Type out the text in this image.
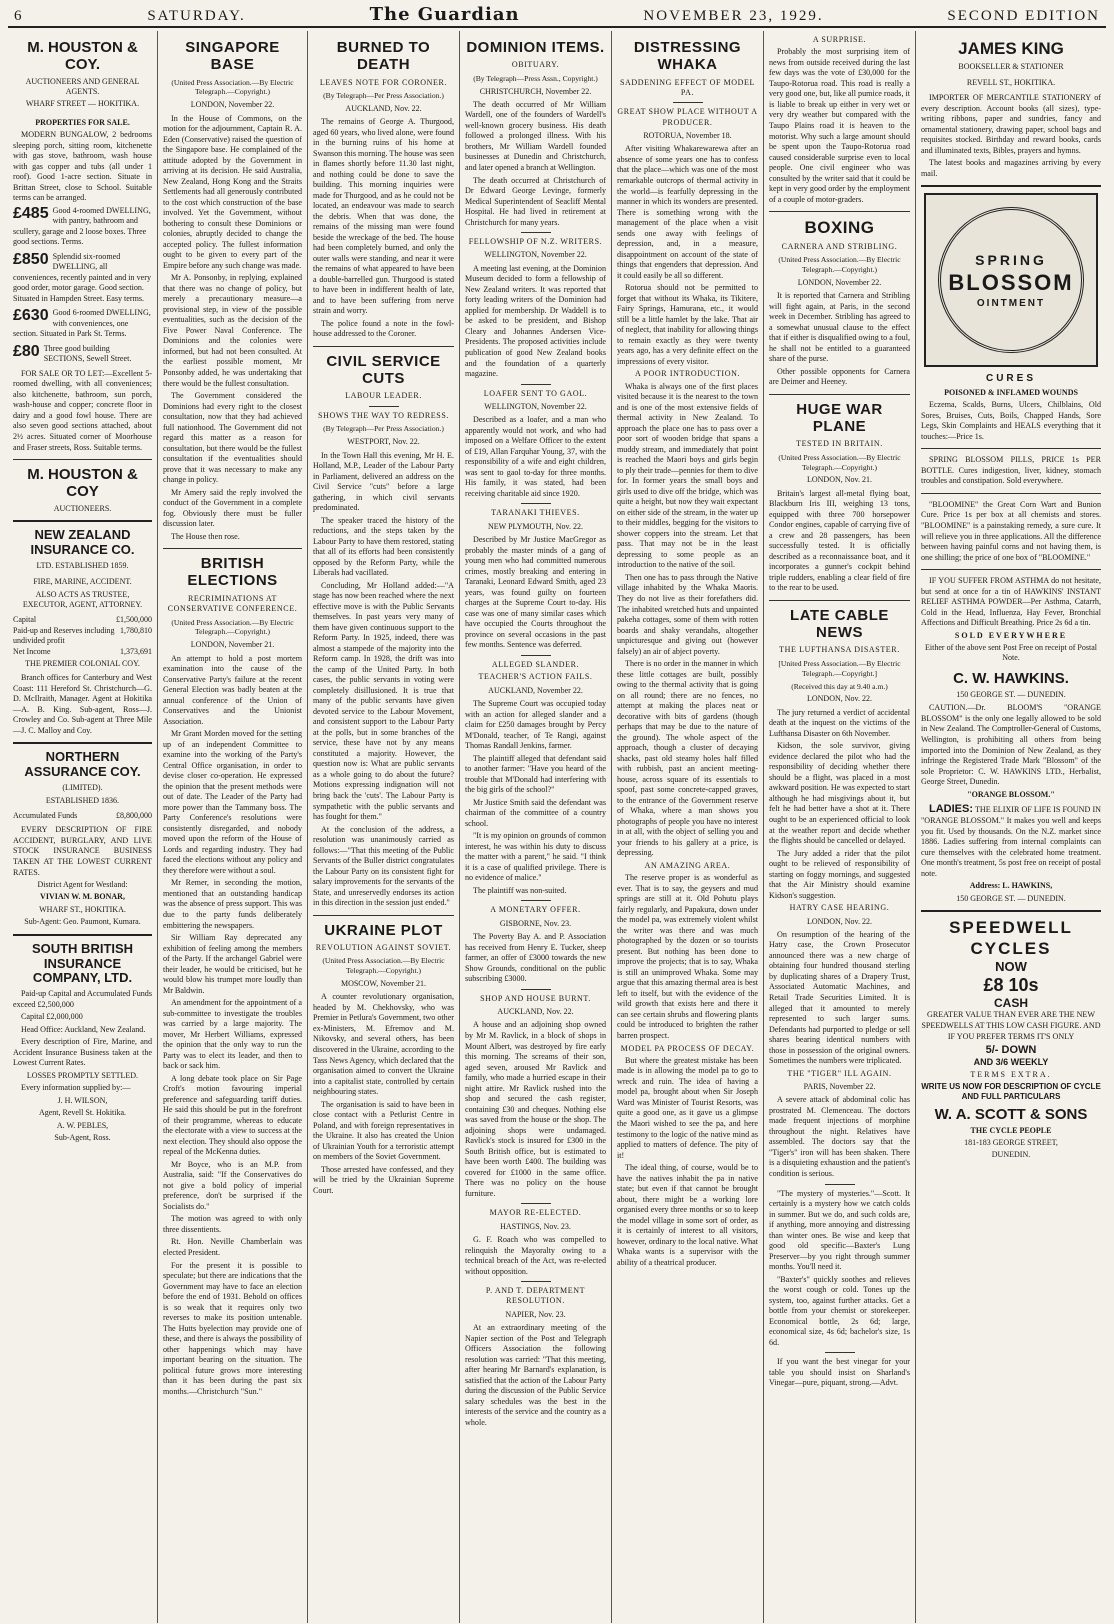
6	SATURDAY.	The Guardian	NOVEMBER 23, 1929.	SECOND EDITION
M. HOUSTON & COY.
AUCTIONEERS AND GENERAL AGENTS.
WHARF STREET — HOKITIKA.
PROPERTIES FOR SALE.

MODERN BUNGALOW, 2 bedrooms sleeping porch, sitting room, kitchenette with gas stove, bathroom, wash house with gas copper and tubs (all under 1 roof). Good 1-acre section. Situate in Brittan Street, close to School. Suitable terms can be arranged.

£485 Good 4-roomed DWELLING, with pantry, bathroom and scullery, garage and 2 loose boxes. Three good sections. Terms.
£850 Splendid six-roomed DWELLING, all conveniences, recently painted and in very good order, motor garage. Good section. Situated in Hampden Street. Easy terms.
£630 Good 6-roomed DWELLING, with conveniences, one section. Situated in Park St. Terms.
£80 Three good building SECTIONS, Sewell Street.

FOR SALE OR TO LET:—Excellent 5-roomed dwelling, with all conveniences; also kitchenette, bathroom, sun porch, wash-house and copper; concrete floor in dairy and a good fowl house. There are also seven good sections attached, about 2½ acres. Situated corner of Moorhouse and Fraser streets, Ross. Suitable terms.

M. HOUSTON & COY
AUCTIONEERS.
NEW ZEALAND INSURANCE CO.
LTD. ESTABLISHED 1859.
FIRE, MARINE, ACCIDENT.
ALSO ACTS AS TRUSTEE, EXECUTOR, AGENT, ATTORNEY.
Capital	£1,500,000
Paid-up and Reserves including undivided profit
1,780,810
Net Income	1,373,691
THE PREMIER COLONIAL COY.

Branch offices for Canterbury and West Coast: 111 Hereford St. Christchurch—G. D. McIlraith, Manager. Agent at Hokitika—A. B. King. Sub-agent, Ross—J. Crowley and Co. Sub-agent at Three Mile—J. C. Malloy and Coy.

NORTHERN ASSURANCE COY.
(LIMITED).
ESTABLISHED 1836.
Accumulated Funds	£8,800,000

EVERY DESCRIPTION OF FIRE ACCIDENT, BURGLARY, AND LIVE STOCK INSURANCE BUSINESS TAKEN AT THE LOWEST CURRENT RATES.

District Agent for Westland:
VIVIAN W. M. BONAR,
WHARF ST., HOKITIKA.
Sub-Agent: Geo. Paumont, Kumara.
SOUTH BRITISH INSURANCE COMPANY, LTD.

Paid-up Capital and Accumulated Funds exceed £2,500,000

Capital £2,000,000

Head Office: Auckland, New Zealand.

Every description of Fire, Marine, and Accident Insurance Business taken at the Lowest Current Rates.

LOSSES PROMPTLY SETTLED.

Every information supplied by:—

J. H. WILSON,
Agent, Revell St. Hokitika.
A. W. PEBLES,
Sub-Agent, Ross.
SINGAPORE BASE
(United Press Association.—By Electric Telegraph.—Copyright.)
LONDON, November 22.

In the House of Commons, on the motion for the adjournment, Captain R. A. Eden (Conservative) raised the question of the Singapore base. He complained of the attitude adopted by the Government in arriving at its decision. He said Australia, New Zealand, Hong Kong and the Straits Settlements had all generously contributed to the cost which construction of the base involved. Yet the Government, without bothering to consult these Dominions or colonies, abruptly decided to change the accepted policy. The fullest information ought to be given to every part of the Empire before any such change was made.

Mr A. Ponsonby, in replying, explained that there was no change of policy, but merely a precautionary measure—a provisional step, in view of the possible eventualities, such as the decision of the Five Power Naval Conference. The Dominions and the colonies were informed, but had not been consulted. At the earliest possible moment, Mr Ponsonby added, he was undertaking that there would be the fullest consultation.

The Government considered the Dominions had every right to the closest consultation, now that they had achieved full nationhood. The Government did not regard this matter as a reason for consultation, but there would be the fullest consultation if the eventualities should prove that it was necessary to make any change in policy.

Mr Amery said the reply involved the conduct of the Government in a complete fog. Obviously there must be fuller discussion later.

The House then rose.

BRITISH ELECTIONS
RECRIMINATIONS AT CONSERVATIVE CONFERENCE.
(United Press Association.—By Electric Telegraph.—Copyright.)
LONDON, November 21.

An attempt to hold a post mortem examination into the cause of the Conservative Party's failure at the recent General Election was badly beaten at the annual conference of the Union of Conservatives and the Unionist Association.

Mr Grant Morden moved for the setting up of an independent Committee to examine into the working of the Party's Central Office organisation, in order to devise closer co-operation. He expressed the opinion that the present methods were out of date. The Leader of the Party had more power than the Tammany boss. The Party Conference's resolutions were consistently disregarded, and nobody moved upon the reform of the House of Lords and regarding industry. They had faced the elections without any policy and they therefore were without a soul.

Mr Remer, in seconding the motion, mentioned that an outstanding handicap was the absence of press support. This was due to the party funds deliberately embittering the newspapers.

Sir William Ray deprecated any exhibition of feeling among the members of the Party. If the archangel Gabriel were their leader, he would be criticised, but he would blow his trumpet more loudly than Mr Baldwin.

An amendment for the appointment of a sub-committee to investigate the troubles was carried by a large majority. The mover, Mr Herbert Williams, expressed the opinion that the only way to run the Party was to elect its leader, and then to back or sack him.

A long debate took place on Sir Page Croft's motion favouring imperial preference and safeguarding tariff duties. He said this should be put in the forefront of their programme, whereas to educate the electorate with a view to success at the next election. They should also oppose the repeal of the McKenna duties.

Mr Boyce, who is an M.P. from Australia, said: "If the Conservatives do not give a bold policy of imperial preference, don't be surprised if the Socialists do."

The motion was agreed to with only three dissentients.

Rt. Hon. Neville Chamberlain was elected President.

For the present it is possible to speculate; but there are indications that the Government may have to face an election before the end of 1931. Behold on offices is so weak that it requires only two reverses to make its position untenable. The Hutts byelection may provide one of these, and there is always the possibility of other happenings which may have important bearing on the situation. The political future grows more interesting than it has been during the past six months.—Christchurch "Sun."

BURNED TO DEATH
LEAVES NOTE FOR CORONER.
(By Telegraph—Per Press Association.)
AUCKLAND, Nov. 22.

The remains of George A. Thurgood, aged 60 years, who lived alone, were found in the burning ruins of his home at Swanson this morning. The house was seen in flames shortly before 11.30 last night, and nothing could be done to save the building. This morning inquiries were made for Thurgood, and as he could not be located, an endeavour was made to search the debris. When that was done, the remains of the missing man were found beside the wreckage of the bed. The house had been completely burned, and only the outer walls were standing, and near it were the remains of what appeared to have been a double-barrelled gun. Thurgood is stated to have been in indifferent health of late, and to have been suffering from nerve strain and worry.

The police found a note in the fowl-house addressed to the Coroner.

CIVIL SERVICE CUTS
LABOUR LEADER.
SHOWS THE WAY TO REDRESS.
(By Telegraph—Per Press Association.)
WESTPORT, Nov. 22.

In the Town Hall this evening, Mr H. E. Holland, M.P., Leader of the Labour Party in Parliament, delivered an address on the Civil Service "cuts" before a large gathering, in which civil servants predominated.

The speaker traced the history of the reductions, and the steps taken by the Labour Party to have them restored, stating that all of its efforts had been consistently opposed by the Reform Party, while the Liberals had vacillated.

Concluding, Mr Holland added:—"A stage has now been reached where the next effective move is with the Public Servants themselves. In past years very many of them have given continuous support to the Reform Party. In 1925, indeed, there was almost a stampede of the majority into the Reform camp. In 1928, the drift was into the camp of the United Party. In both cases, the public servants in voting were completely disillusioned. It is true that many of the public servants have given devoted service to the Labour Movement, and consistent support to the Labour Party at the polls, but in some branches of the service, these have not by any means constituted a majority. However, the question now is: What are public servants as a whole going to do about the future? Motions expressing indignation will not bring back the 'cuts'. The Labour Party is sympathetic with the public servants and has fought for them."

At the conclusion of the address, a resolution was unanimously carried as follows:—"That this meeting of the Public Servants of the Buller district congratulates the Labour Party on its consistent fight for salary improvements for the servants of the State, and unreservedly endorses its action in this direction in the session just ended."

UKRAINE PLOT
REVOLUTION AGAINST SOVIET.
(United Press Association.—By Electric Telegraph.—Copyright.)
MOSCOW, November 21.

A counter revolutionary organisation, headed by M. Chekhovsky, who was Premier in Petlura's Government, two other ex-Ministers, M. Efremov and M. Nikovsky, and several others, has been discovered in the Ukraine, according to the Tass News Agency, which declared that the organisation aimed to convert the Ukraine into a capitalist state, controlled by certain neighbouring states.

The organisation is said to have been in close contact with a Petlurist Centre in Poland, and with foreign representatives in the Ukraine. It also has created the Union of Ukrainian Youth for a terroristic attempt on members of the Soviet Government.

Those arrested have confessed, and they will be tried by the Ukrainian Supreme Court.

DOMINION ITEMS.
OBITUARY.
(By Telegraph—Press Assn., Copyright.)
CHRISTCHURCH, November 22.

The death occurred of Mr William Wardell, one of the founders of Wardell's well-known grocery business. His death followed a prolonged illness. With his brothers, Mr William Wardell founded businesses at Dunedin and Christchurch, and later opened a branch at Wellington.

The death occurred at Christchurch of Dr Edward George Levinge, formerly Medical Superintendent of Seacliff Mental Hospital. He had lived in retirement at Christchurch for many years.

FELLOWSHIP OF N.Z. WRITERS.
WELLINGTON, November 22.

A meeting last evening, at the Dominion Museum decided to form a fellowship of New Zealand writers. It was reported that forty leading writers of the Dominion had applied for membership. Dr Waddell is to be asked to be president, and Bishop Cleary and Johannes Andersen Vice-Presidents. The proposed activities include publication of good New Zealand books and the foundation of a quarterly magazine.

LOAFER SENT TO GAOL.
WELLINGTON, November 22.

Described as a loafer, and a man who apparently would not work, and who had imposed on a Welfare Officer to the extent of £19, Allan Farquhar Young, 37, with the responsibility of a wife and eight children, was sent to gaol to-day for three months. His family, it was stated, had been receiving charitable aid since 1920.

TARANAKI THIEVES.
NEW PLYMOUTH, Nov. 22.

Described by Mr Justice MacGregor as probably the master minds of a gang of young men who had committed numerous crimes, mostly breaking and entering in Taranaki, Leonard Edward Smith, aged 23 years, was found guilty on fourteen charges at the Supreme Court to-day. His case was one of many similar cases which have occupied the Courts throughout the province on several occasions in the past few months. Sentence was deferred.

ALLEGED SLANDER.
TEACHER'S ACTION FAILS.
AUCKLAND, November 22.

The Supreme Court was occupied today with an action for alleged slander and a claim for £250 damages brought by Percy M'Donald, teacher, of Te Rangi, against Thomas Randall Jenkins, farmer.

The plaintiff alleged that defendant said to another farmer: "Have you heard of the trouble that M'Donald had interfering with the big girls of the school?"

Mr Justice Smith said the defendant was chairman of the committee of a country school.

"It is my opinion on grounds of common interest, he was within his duty to discuss the matter with a parent," he said. "I think it is a case of qualified privilege. There is no evidence of malice."

The plaintiff was non-suited.

A MONETARY OFFER.
GISBORNE, Nov. 23.

The Poverty Bay A. and P. Association has received from Henry E. Tucker, sheep farmer, an offer of £3000 towards the new Show Grounds, conditional on the public subscribing £3000.

SHOP AND HOUSE BURNT.
AUCKLAND, Nov. 22.

A house and an adjoining shop owned by Mr M. Ravlick, in a block of shops in Mount Albert, was destroyed by fire early this morning. The screams of their son, aged seven, aroused Mr Ravlick and family, who made a hurried escape in their night attire. Mr Ravlick rushed into the shop and secured the cash register, containing £30 and cheques. Nothing else was saved from the house or the shop. The adjoining shops were undamaged. Ravlick's stock is insured for £300 in the South British office, but is estimated to have been worth £400. The building was covered for £1000 in the same office. There was no policy on the house furniture.

MAYOR RE-ELECTED.
HASTINGS, Nov. 23.

G. F. Roach who was compelled to relinquish the Mayoralty owing to a technical breach of the Act, was re-elected without opposition.

P. AND T. DEPARTMENT RESOLUTION.
NAPIER, Nov. 23.

At an extraordinary meeting of the Napier section of the Post and Telegraph Officers Association the following resolution was carried: "That this meeting, after hearing Mr Barnard's explanation, is satisfied that the action of the Labour Party during the discussion of the Public Service salary schedules was the best in the interests of the service and the country as a whole.

DISTRESSING WHAKA
SADDENING EFFECT OF MODEL PA.
GREAT SHOW PLACE WITHOUT A PRODUCER.
ROTORUA, November 18.

After visiting Whakarewarewa after an absence of some years one has to confess that the place—which was one of the most remarkable outcrops of thermal activity in the world—is fearfully depressing in the manner in which its wonders are presented. There is something wrong with the management of the place when a visit sends one away with feelings of depression, and, in a measure, disappointment on account of the state of things that engenders that depression. And it could easily be all so different.

Rotorua should not be permitted to forget that without its Whaka, its Tikitere, Fairy Springs, Hamurana, etc., it would still be a little hamlet by the lake. That air of neglect, that inability for allowing things to remain exactly as they were twenty years ago, has a very definite effect on the impressions of every visitor.

A POOR INTRODUCTION.

Whaka is always one of the first places visited because it is the nearest to the town and is one of the most extensive fields of thermal activity in New Zealand. To approach the place one has to pass over a poor sort of wooden bridge that spans a muddy stream, and immediately that point is reached the Maori boys and girls begin to ply their trade—pennies for them to dive for. In former years the small boys and girls used to dive off the bridge, which was quite a height, but now they wait expectant on either side of the stream, in the water up to their middles, begging for the visitors to shower coppers into the stream. Let that pass. That may not be in the least depressing to some people as an introduction to the native of the soil.

Then one has to pass through the Native village inhabited by the Whaka Maoris. They do not live as their forefathers did. The inhabited wretched huts and unpainted pakeha cottages, some of them with rotten boards and shaky verandahs, altogether unpicturesque and giving out (however falsely) an air of abject poverty.

There is no order in the manner in which these little cottages are built, possibly owing to the thermal activity that is going on all round; there are no fences, no attempt at making the places neat or decorative with bits of gardens (though perhaps that may be due to the nature of the ground). The whole aspect of the approach, though a cluster of decaying shacks, past old steamy holes half filled with rubbish, past an ancient meeting-house, across square of its essentials to spoof, past some concrete-capped graves, to the entrance of the Government reserve of Whaka, where a man shows you photographs of people you have no interest in at all, with the object of selling you and your friends to his gallery at a price, is depressing.

AN AMAZING AREA.

The reserve proper is as wonderful as ever. That is to say, the geysers and mud springs are still at it. Old Pohutu plays fairly regularly, and Papakura, down under the model pa, was extremely violent whilst the writer was there and was much photographed by the dozen or so tourists present. But nothing has been done to improve the projects; that is to say, Whaka is still an unimproved Whaka. Some may argue that this amazing thermal area is best left to itself, but with the evidence of the wild growth that exists here and there it can see certain shrubs and flowering plants could be introduced to brighten the rather barren prospect.

MODEL PA PROCESS OF DECAY.

But where the greatest mistake has been made is in allowing the model pa to go to wreck and ruin. The idea of having a model pa, brought about when Sir Joseph Ward was Minister of Tourist Resorts, was quite a good one, as it gave us a glimpse the Maori wished to see the pa, and here testimony to the logic of the native mind as applied to matters of defence. The pity of it!

The ideal thing, of course, would be to have the natives inhabit the pa in native state; but even if that cannot be brought about, there might be a working lore organised every three months or so to keep the model village in some sort of order, as it is certainly of interest to all visitors, however, ordinary to the local native. What Whaka wants is a supervisor with the ability of a theatrical producer.

A SURPRISE.

Probably the most surprising item of news from outside received during the last few days was the vote of £30,000 for the Taupo-Rotorua road. This road is really a very good one, but, like all pumice roads, it is liable to break up either in very wet or very dry weather but compared with the Taupo Plains road it is heaven to the motorist. Why such a large amount should be spent upon the Taupo-Rotorua road caused considerable surprise even to local people. One civil engineer who was consulted by the writer said that it could be kept in very good order by the employment of a couple of motor-graders.

BOXING
CARNERA AND STRIBLING.
(United Press Association.—By Electric Telegraph.—Copyright.)
LONDON, November 22.

It is reported that Carnera and Stribling will fight again, at Paris, in the second week in December. Stribling has agreed to a somewhat unusual clause to the effect that if either is disqualified owing to a foul, he shall not be entitled to a guaranteed share of the purse.

Other possible opponents for Carnera are Deimer and Heeney.

HUGE WAR PLANE
TESTED IN BRITAIN.
(United Press Association.—By Electric Telegraph.—Copyright.)
LONDON, Nov. 21.

Britain's largest all-metal flying boat, Blackburn Iris III, weighing 13 tons, equipped with three 700 horsepower Condor engines, capable of carrying five of a crew and 28 passengers, has been successfully tested. It is officially described as a reconnaissance boat, and it incorporates a gunner's cockpit behind triple rudders, enabling a clear field of fire to the rear to be used.

LATE CABLE NEWS
THE LUFTHANSA DISASTER.
[United Press Association.—By Electric Telegraph.—Copyright.]
(Received this day at 9.40 a.m.)
LONDON, Nov. 22.

The jury returned a verdict of accidental death at the inquest on the victims of the Lufthansa Disaster on 6th November.

Kidson, the sole survivor, giving evidence declared the pilot who had the responsibility of deciding whether there should be a flight, was placed in a most awkward position. He was expected to start although he had misgivings about it, but felt he had better have a shot at it. There ought to be an experienced official to look at the weather report and decide whether the flights should be cancelled or delayed.

The Jury added a rider that the pilot ought to be relieved of responsibility of starting on foggy mornings, and suggested that the Air Ministry should examine Kidson's suggestion.

HATRY CASE HEARING.
LONDON, Nov. 22.

On resumption of the hearing of the Hatry case, the Crown Prosecutor announced there was a new charge of obtaining four hundred thousand sterling by duplicating shares of a Drapery Trust, Associated Automatic Machines, and Retail Trade Securities Limited. It is alleged that it amounted to merely represented to such larger sums. Defendants had purported to pledge or sell shares bearing identical numbers with those in possession of the original owners. Sometimes the numbers were triplicated.

THE "TIGER" ILL AGAIN.
PARIS, November 22.

A severe attack of abdominal colic has prostrated M. Clemenceau. The doctors made frequent injections of morphine throughout the night. Relatives have assembled. The doctors say that the "Tiger's" iron will has been shaken. There is a disquieting exhaustion and the patient's condition is serious.

"The mystery of mysteries."—Scott. It certainly is a mystery how we catch colds in summer. But we do, and such colds are, if anything, more annoying and distressing than winter ones. Be wise and keep that good old specific—Baxter's Lung Preserver—by you right through summer months. You'll need it.

"Baxter's" quickly soothes and relieves the worst cough or cold. Tones up the system, too, against further attacks. Get a bottle from your chemist or storekeeper. Economical bottle, 2s 6d; large, economical size, 4s 6d; bachelor's size, 1s 6d.

If you want the best vinegar for your table you should insist on Sharland's Vinegar—pure, piquant, strong.—Advt.

JAMES KING
BOOKSELLER & STATIONER
REVELL ST., HOKITIKA.

IMPORTER OF MERCANTILE STATIONERY of every description. Account books (all sizes), type-writing ribbons, paper and sundries, fancy and ornamental stationery, drawing paper, school bags and requisites stocked. Birthday and reward books, cards and illuminated texts, Bibles, prayers and hymns.

The latest books and magazines arriving by every mail.

SPRING
BLOSSOM
OINTMENT
CURES
POISONED & INFLAMED WOUNDS

Eczema, Scalds, Burns, Ulcers, Chilblains, Old Sores, Bruises, Cuts, Boils, Chapped Hands, Sore Legs, Skin Complaints and HEALS everything that it touches:—Price 1s.

SPRING BLOSSOM PILLS, PRICE 1s PER BOTTLE. Cures indigestion, liver, kidney, stomach troubles and constipation. Sold everywhere.

"BLOOMINE" the Great Corn Wart and Bunion Cure. Price 1s per box at all chemists and stores. "BLOOMINE" is a painstaking remedy, a sure cure. It will relieve you in three applications. All the difference between having painful corns and not having them, is one shilling; the price of one box of "BLOOMINE."

IF YOU SUFFER FROM ASTHMA do not hesitate, but send at once for a tin of HAWKINS' INSTANT RELIEF ASTHMA POWDER—Per Asthma, Catarrh, Cold in the Head, Influenza, Hay Fever, Bronchial Affections and Difficult Breathing. Price 2s 6d a tin.

SOLD EVERYWHERE
Either of the above sent Post Free on receipt of Postal Note.
C. W. HAWKINS.
150 GEORGE ST. — DUNEDIN.

CAUTION.—Dr. BLOOM'S "ORANGE BLOSSOM" is the only one legally allowed to be sold in New Zealand. The Comptroller-General of Customs, Wellington, is prohibiting all others from being imported into the Dominion of New Zealand, as they infringe the Registered Trade Mark "Blossom" of the sole Proprietor: C. W. HAWKINS LTD., Herbalist, George Street, Dunedin.

"ORANGE BLOSSOM."

LADIES: THE ELIXIR OF LIFE IS FOUND IN "ORANGE BLOSSOM." It makes you well and keeps you fit. Used by thousands. On the N.Z. market since 1886. Ladies suffering from internal complaints can cure themselves with the celebrated home treatment. One month's treatment, 5s post free on receipt of postal note.

Address: L. HAWKINS,
150 GEORGE ST. — DUNEDIN.
SPEEDWELL
CYCLES
NOW
£8 10s
CASH

GREATER VALUE THAN EVER ARE THE NEW SPEEDWELLS AT THIS LOW CASH FIGURE. AND IF YOU PREFER TERMS IT'S ONLY

5/- DOWN
AND 3/6 WEEKLY
TERMS EXTRA.
WRITE US NOW FOR DESCRIPTION OF CYCLE AND FULL PARTICULARS
W. A. SCOTT & SONS
THE CYCLE PEOPLE
181-183 GEORGE STREET,
DUNEDIN.
